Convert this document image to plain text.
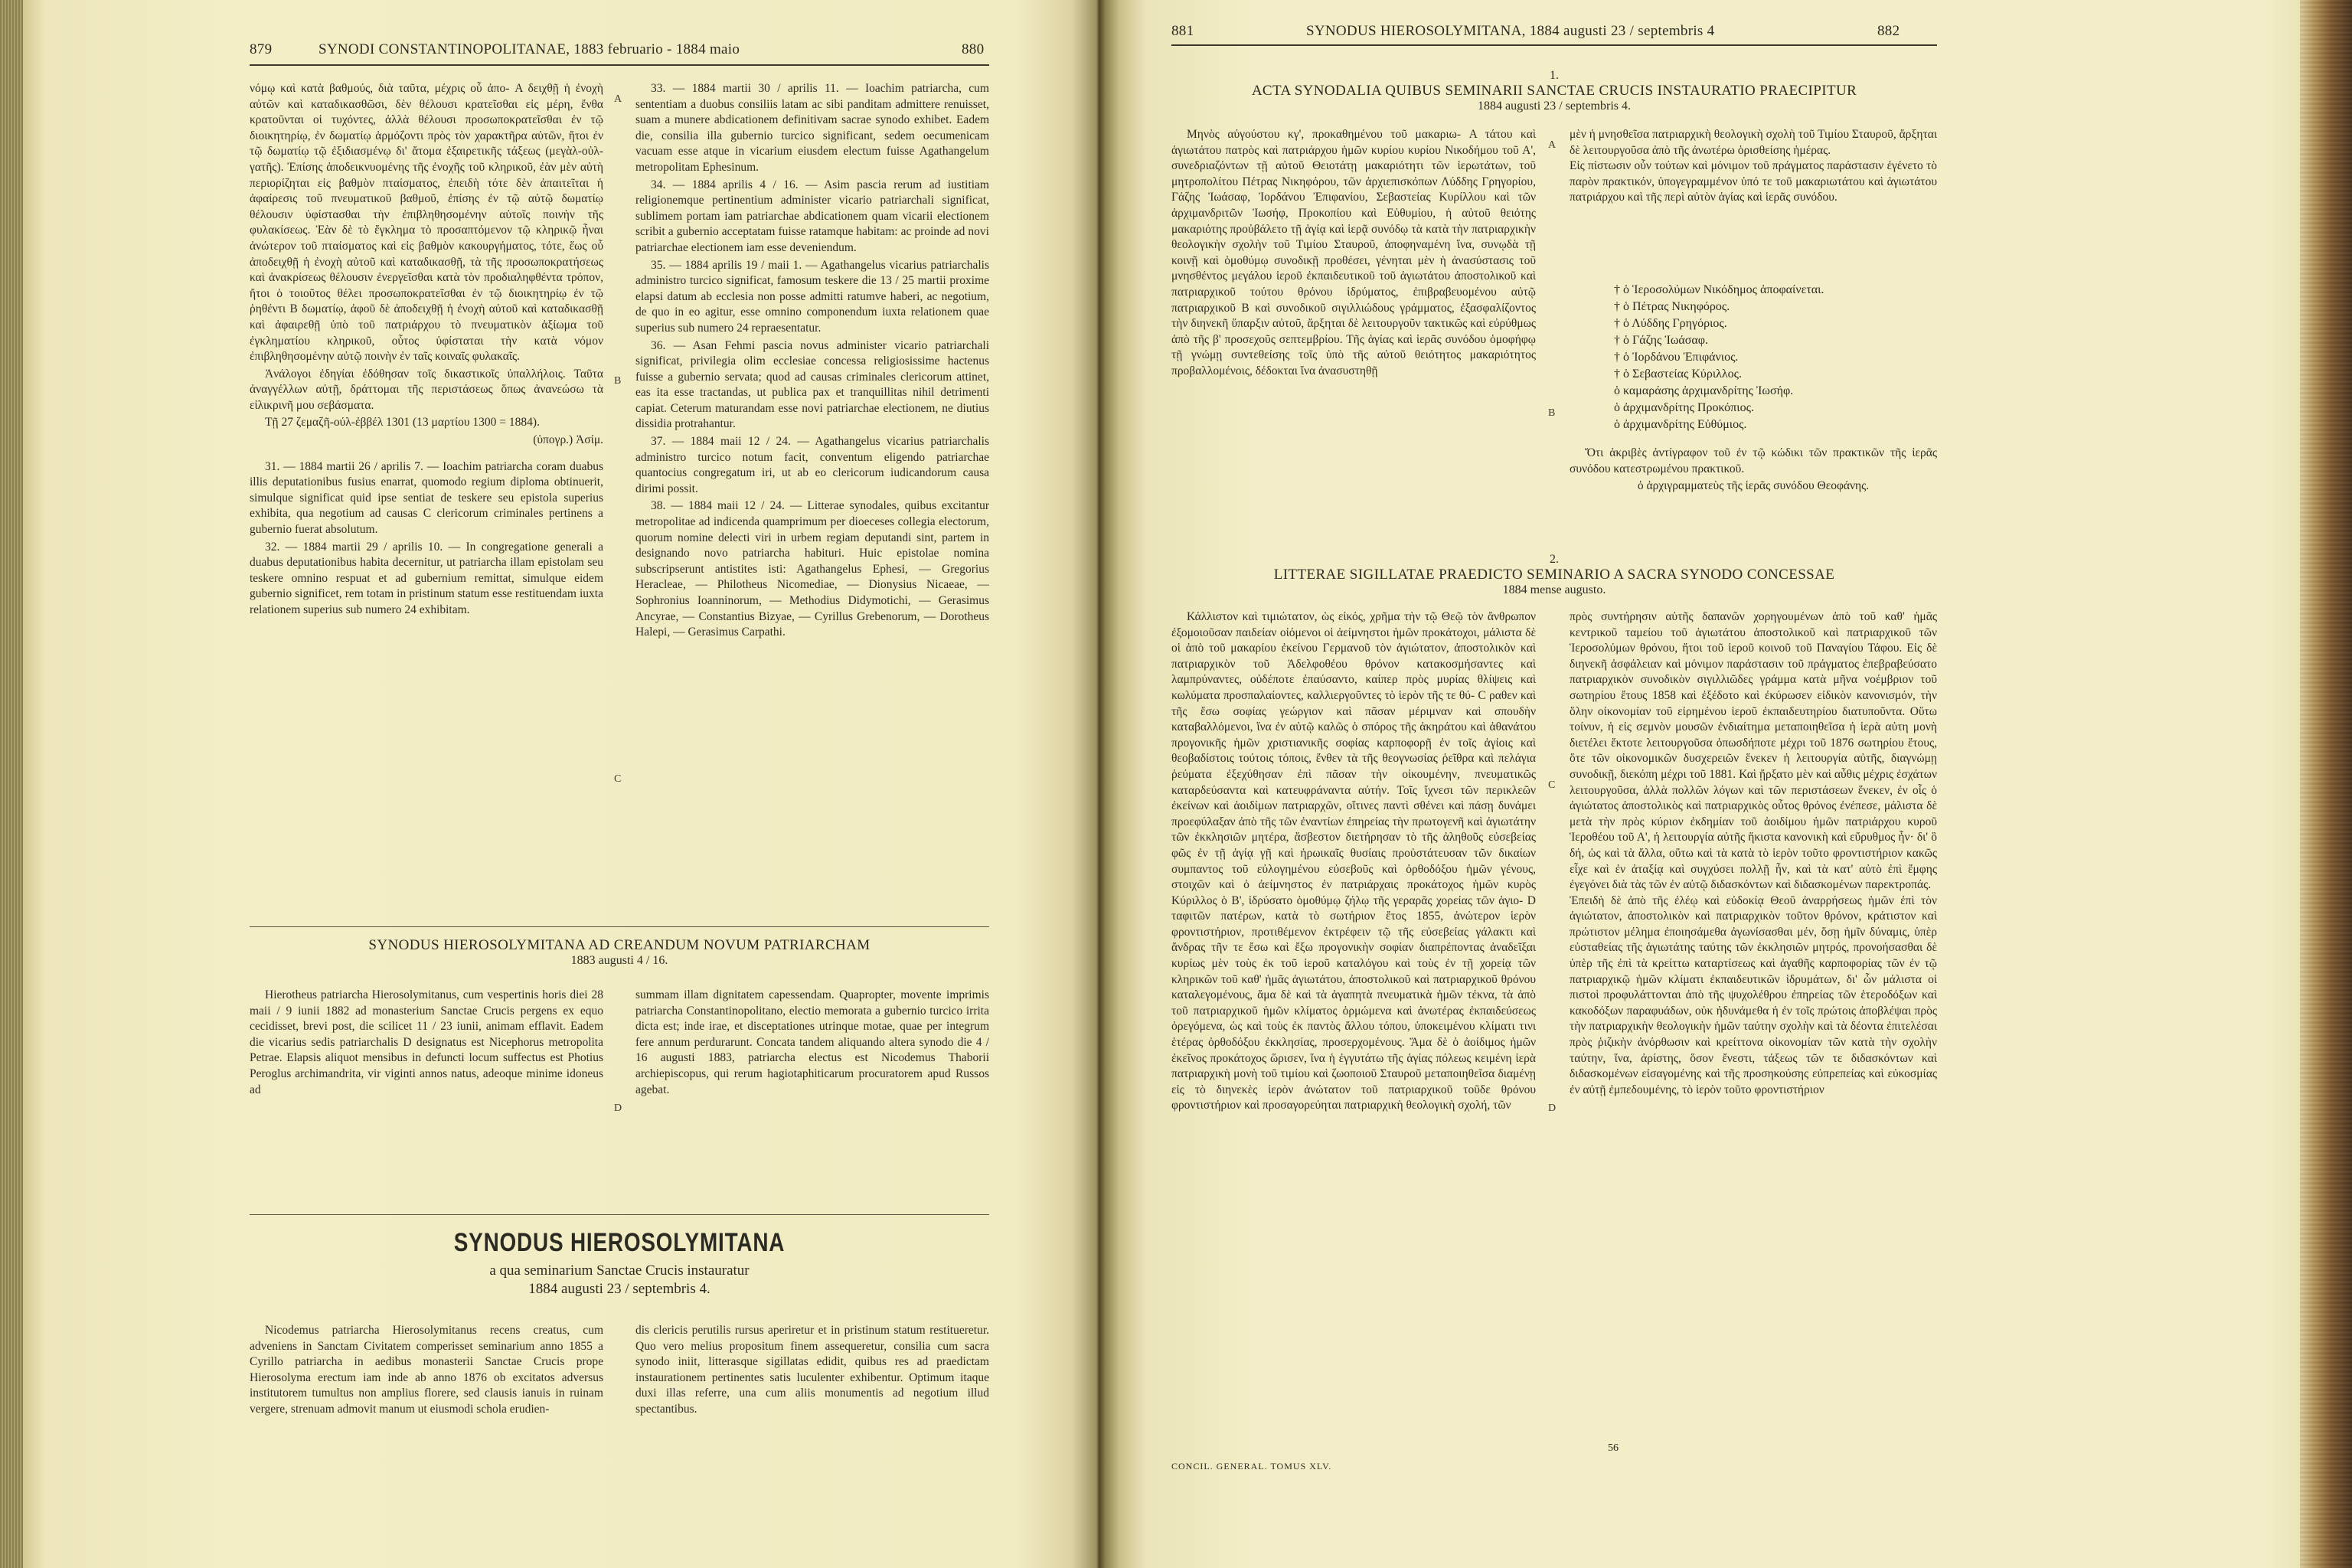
879	SYNODI CONSTANTINOPOLITANAE, 1883 februario - 1884 maio	880

νόμῳ καὶ κατὰ βαθμούς, διὰ ταῦτα, μέχρις οὗ ἀπο- A δειχθῇ ἡ ἐνοχὴ αὐτῶν καὶ καταδικασθῶσι, δὲν θέλουσι κρατεῖσθαι εἰς μέρη, ἔνθα κρατοῦνται οἱ τυχόντες, ἀλλὰ θέλουσι προσωποκρατεῖσθαι ἐν τῷ διοικητηρίῳ, ἐν δωματίῳ ἁρμόζοντι πρὸς τὸν χαρακτῆρα αὐτῶν, ἤτοι ἐν τῷ δωματίῳ τῷ ἐξιδιασμένῳ δι' ἄτομα ἐξαιρετικῆς τάξεως (μεγὰλ-οὐλ-γατῆς). Ἐπίσης ἀποδεικνυομένης τῆς ἐνοχῆς τοῦ κληρικοῦ, ἐὰν μὲν αὐτὴ περιορίζηται εἰς βαθμὸν πταίσματος, ἐπειδὴ τότε δὲν ἀπαιτεῖται ἡ ἀφαίρεσις τοῦ πνευματικοῦ βαθμοῦ, ἐπίσης ἐν τῷ αὐτῷ δωματίῳ θέλουσιν ὑφίστασθαι τὴν ἐπιβληθησομένην αὐτοῖς ποινὴν τῆς φυλακίσεως. Ἐὰν δὲ τὸ ἔγκλημα τὸ προσαπτόμενον τῷ κληρικῷ ἦναι ἀνώτερον τοῦ πταίσματος καὶ εἰς βαθμὸν κακουργήματος, τότε, ἕως οὗ ἀποδειχθῇ ἡ ἐνοχὴ αὐτοῦ καὶ καταδικασθῇ, τὰ τῆς προσωποκρατήσεως καὶ ἀνακρίσεως θέλουσιν ἐνεργεῖσθαι κατὰ τὸν προδιαληφθέντα τρόπον, ἤτοι ὁ τοιοῦτος θέλει προσωποκρατεῖσθαι ἐν τῷ διοικητηρίῳ ἐν τῷ ῥηθέντι B δωματίῳ, ἀφοῦ δὲ ἀποδειχθῇ ἡ ἐνοχὴ αὐτοῦ καὶ καταδικασθῇ καὶ ἀφαιρεθῇ ὑπὸ τοῦ πατριάρχου τὸ πνευματικὸν ἀξίωμα τοῦ ἐγκληματίου κληρικοῦ, οὗτος ὑφίσταται τὴν κατὰ νόμον ἐπιβληθησομένην αὐτῷ ποινὴν ἐν ταῖς κοιναῖς φυλακαῖς.

Ἀνάλογοι ἐδηγίαι ἐδόθησαν τοῖς δικαστικοῖς ὑπαλλήλοις. Ταῦτα ἀναγγέλλων αὐτῇ, δράττομαι τῆς περιστάσεως ὅπως ἀνανεώσω τὰ εἰλικρινῆ μου σεβάσματα.

Τῇ 27 ζεμαζῆ-ούλ-ἐββέλ 1301 (13 μαρτίου 1300 = 1884).

(ὑπογρ.) Ἀσίμ.

31. — 1884 martii 26 / aprilis 7. — Ioachim patriarcha coram duabus illis deputationibus fusius enarrat, quomodo regium diploma obtinuerit, simulque significat quid ipse sentiat de teskere seu epistola superius exhibita, qua negotium ad causas C clericorum criminales pertinens a gubernio fuerat absolutum.

32. — 1884 martii 29 / aprilis 10. — In congregatione generali a duabus deputationibus habita decernitur, ut patriarcha illam epistolam seu teskere omnino respuat et ad gubernium remittat, simulque eidem gubernio significet, rem totam in pristinum statum esse restituendam iuxta relationem superius sub numero 24 exhibitam.

33. — 1884 martii 30 / aprilis 11. — Ioachim patriarcha, cum sententiam a duobus consiliis latam ac sibi panditam admittere renuisset, suam a munere abdicationem definitivam sacrae synodo exhibet. Eadem die, consilia illa gubernio turcico significant, sedem oecumenicam vacuam esse atque in vicarium eiusdem electum fuisse Agathangelum metropolitam Ephesinum.

34. — 1884 aprilis 4 / 16. — Asim pascia rerum ad iustitiam religionemque pertinentium administer vicario patriarchali significat, sublimem portam iam patriarchae abdicationem quam vicarii electionem scribit a gubernio acceptatam fuisse ratamque habitam: ac proinde ad novi patriarchae electionem iam esse deveniendum.

35. — 1884 aprilis 19 / maii 1. — Agathangelus vicarius patriarchalis administro turcico significat, famosum teskere die 13 / 25 martii proxime elapsi datum ab ecclesia non posse admitti ratumve haberi, ac negotium, de quo in eo agitur, esse omnino componendum iuxta relationem quae superius sub numero 24 repraesentatur.

36. — Asan Fehmi pascia novus administer vicario patriarchali significat, privilegia olim ecclesiae concessa religiosissime hactenus fuisse a gubernio servata; quod ad causas criminales clericorum attinet, eas ita esse tractandas, ut publica pax et tranquillitas nihil detrimenti capiat. Ceterum maturandam esse novi patriarchae electionem, ne diutius dissidia protrahantur.

37. — 1884 maii 12 / 24. — Agathangelus vicarius patriarchalis administro turcico notum facit, conventum eligendo patriarchae quantocius congregatum iri, ut ab eo clericorum iudicandorum causa dirimi possit.

38. — 1884 maii 12 / 24. — Litterae synodales, quibus excitantur metropolitae ad indicenda quamprimum per dioeceses collegia electorum, quorum nomine delecti viri in urbem regiam deputandi sint, partem in designando novo patriarcha habituri. Huic epistolae nomina subscripserunt antistites isti: Agathangelus Ephesi, — Gregorius Heracleae, — Philotheus Nicomediae, — Dionysius Nicaeae, — Sophronius Ioanninorum, — Methodius Didymotichi, — Gerasimus Ancyrae, — Constantius Bizyae, — Cyrillus Grebenorum, — Dorotheus Halepi, — Gerasimus Carpathi.

A
B
C
D
SYNODUS HIEROSOLYMITANA AD CREANDUM NOVUM PATRIARCHAM
1883 augusti 4 / 16.

Hierotheus patriarcha Hierosolymitanus, cum vespertinis horis diei 28 maii / 9 iunii 1882 ad monasterium Sanctae Crucis pergens ex equo cecidisset, brevi post, die scilicet 11 / 23 iunii, animam efflavit. Eadem die vicarius sedis patriarchalis D designatus est Nicephorus metropolita Petrae. Elapsis aliquot mensibus in defuncti locum suffectus est Photius Peroglus archimandrita, vir viginti annos natus, adeoque minime idoneus ad

summam illam dignitatem capessendam. Quapropter, movente imprimis patriarcha Constantinopolitano, electio memorata a gubernio turcico irrita dicta est; inde irae, et disceptationes utrinque motae, quae per integrum fere annum perdurarunt. Concata tandem aliquando altera synodo die 4 / 16 augusti 1883, patriarcha electus est Nicodemus Thaborii archiepiscopus, qui rerum hagiotaphiticarum procuratorem apud Russos agebat.

SYNODUS HIEROSOLYMITANA
a qua seminarium Sanctae Crucis instauratur
1884 augusti 23 / septembris 4.

Nicodemus patriarcha Hierosolymitanus recens creatus, cum adveniens in Sanctam Civitatem comperisset seminarium anno 1855 a Cyrillo patriarcha in aedibus monasterii Sanctae Crucis prope Hierosolyma erectum iam inde ab anno 1876 ob excitatos adversus institutorem tumultus non amplius florere, sed clausis ianuis in ruinam vergere, strenuam admovit manum ut eiusmodi schola erudien-

dis clericis perutilis rursus aperiretur et in pristinum statum restitueretur. Quo vero melius propositum finem assequeretur, consilia cum sacra synodo iniit, litterasque sigillatas edidit, quibus res ad praedictam instaurationem pertinentes satis luculenter exhibentur. Optimum itaque duxi illas referre, una cum aliis monumentis ad negotium illud spectantibus.

881	SYNODUS HIEROSOLYMITANA, 1884 augusti 23 / septembris 4	882
1.
ACTA SYNODALIA QUIBUS SEMINARII SANCTAE CRUCIS INSTAURATIO PRAECIPITUR
1884 augusti 23 / septembris 4.

Μηνὸς αὐγούστου κγ', προκαθημένου τοῦ μακαριω- A τάτου καὶ ἁγιωτάτου πατρὸς καὶ πατριάρχου ἡμῶν κυρίου κυρίου Νικοδήμου τοῦ Α', συνεδριαζόντων τῇ αὐτοῦ Θειοτάτῃ μακαριότητι τῶν ἱερωτάτων, τοῦ μητροπολίτου Πέτρας Νικηφόρου, τῶν ἀρχιεπισκόπων Λύδδης Γρηγορίου, Γάζης Ἰωάσαφ, Ἰορδάνου Ἐπιφανίου, Σεβαστείας Κυρίλλου καὶ τῶν ἀρχιμανδριτῶν Ἰωσήφ, Προκοπίου καὶ Εὐθυμίου, ἡ αὐτοῦ θειότης μακαριότης προὐβάλετο τῇ ἁγίᾳ καὶ ἱερᾷ συνόδῳ τὰ κατὰ τὴν πατριαρχικὴν θεολογικὴν σχολὴν τοῦ Τιμίου Σταυροῦ, ἀποφηναμένη ἵνα, συνῳδὰ τῇ κοινῇ καὶ ὁμοθύμῳ συνοδικῇ προθέσει, γένηται μὲν ἡ ἀνασύστασις τοῦ μνησθέντος μεγάλου ἱεροῦ ἐκπαιδευτικοῦ τοῦ ἁγιωτάτου ἀποστολικοῦ καὶ πατριαρχικοῦ τούτου θρόνου ἱδρύματος, ἐπιβραβευομένου αὐτῷ πατριαρχικοῦ B καὶ συνοδικοῦ σιγιλλιώδους γράμματος, ἐξασφαλίζοντος τὴν διηνεκῆ ὕπαρξιν αὐτοῦ, ἄρξηται δὲ λειτουργοῦν τακτικῶς καὶ εὐρύθμως ἀπὸ τῆς β' προσεχοῦς σεπτεμβρίου. Τῆς ἁγίας καὶ ἱερᾶς συνόδου ὁμοφήφῳ τῇ γνώμῃ συντεθείσης τοῖς ὑπὸ τῆς αὐτοῦ θειότητος μακαριότητος προβαλλομένοις, δέδοκται ἵνα ἀνασυστηθῇ

μὲν ἡ μνησθεῖσα πατριαρχικὴ θεολογικὴ σχολὴ τοῦ Τιμίου Σταυροῦ, ἄρξηται δὲ λειτουργοῦσα ἀπὸ τῆς ἀνωτέρω ὁρισθείσης ἡμέρας.
Εἰς πίστωσιν οὖν τούτων καὶ μόνιμον τοῦ πράγματος παράστασιν ἐγένετο τὸ παρὸν πρακτικόν, ὑπογεγραμμένον ὑπό τε τοῦ μακαριωτάτου καὶ ἁγιωτάτου πατριάρχου καὶ τῆς περὶ αὐτὸν ἁγίας καὶ ἱερᾶς συνόδου.

† ὁ Ἱεροσολύμων Νικόδημος ἀποφαίνεται.
† ὁ Πέτρας Νικηφόρος.
† ὁ Λύδδης Γρηγόριος.
† ὁ Γάζης Ἰωάσαφ.
† ὁ Ἰορδάνου Ἐπιφάνιος.
† ὁ Σεβαστείας Κύριλλος.
ὁ καμαράσης ἀρχιμανδρίτης Ἰωσήφ.
ὁ ἀρχιμανδρίτης Προκόπιος.
ὁ ἀρχιμανδρίτης Εὐθύμιος.

Ὅτι ἀκριβὲς ἀντίγραφον τοῦ ἐν τῷ κώδικι τῶν πρακτικῶν τῆς ἱερᾶς συνόδου κατεστρωμένου πρακτικοῦ.

ὁ ἀρχιγραμματεὺς τῆς ἱερᾶς συνόδου Θεοφάνης.

A
B
2.
LITTERAE SIGILLATAE PRAEDICTO SEMINARIO A SACRA SYNODO CONCESSAE
1884 mense augusto.

Κάλλιστον καὶ τιμιώτατον, ὡς εἰκός, χρῆμα τὴν τῷ Θεῷ τὸν ἄνθρωπον ἐξομοιοῦσαν παιδείαν οἰόμενοι οἱ ἀείμνηστοι ἡμῶν προκάτοχοι, μάλιστα δὲ οἱ ἀπὸ τοῦ μακαρίου ἐκείνου Γερμανοῦ τὸν ἁγιώτατον, ἀποστολικὸν καὶ πατριαρχικὸν τοῦ Ἀδελφοθέου θρόνον κατακοσμήσαντες καὶ λαμπρύναντες, οὐδέποτε ἐπαύσαντο, καίπερ πρὸς μυρίας θλίψεις καὶ κωλύματα προσπαλαίοντες, καλλιεργοῦντες τὸ ἱερὸν τῆς τε θύ- C ραθεν καὶ τῆς ἔσω σοφίας γεώργιον καὶ πᾶσαν μέριμναν καὶ σπουδὴν καταβαλλόμενοι, ἵνα ἐν αὐτῷ καλῶς ὁ σπόρος τῆς ἀκηράτου καὶ ἀθανάτου προγονικῆς ἡμῶν χριστιανικῆς σοφίας καρποφορῇ ἐν τοῖς ἁγίοις καὶ θεοβαδίστοις τούτοις τόποις, ἔνθεν τὰ τῆς θεογνωσίας ῥεῖθρα καὶ πελάγια ῥεύματα ἐξεχύθησαν ἐπὶ πᾶσαν τὴν οἰκουμένην, πνευματικῶς καταρδεύσαντα καὶ κατευφράναντα αὐτήν. Τοῖς ἴχνεσι τῶν περικλεῶν ἐκείνων καὶ ἀοιδίμων πατριαρχῶν, οἵτινες παντὶ σθένει καὶ πάσῃ δυνάμει προεφύλαξαν ἀπὸ τῆς τῶν ἐναντίων ἐπηρείας τὴν πρωτογενῆ καὶ ἁγιωτάτην τῶν ἐκκλησιῶν μητέρα, ἄσβεστον διετήρησαν τὸ τῆς ἀληθοῦς εὐσεβείας φῶς ἐν τῇ ἁγίᾳ γῇ καὶ ἡρωικαῖς θυσίαις προὐστάτευσαν τῶν δικαίων συμπαντος τοῦ εὐλογημένου εὐσεβοῦς καὶ ὀρθοδόξου ἡμῶν γένους, στοιχῶν καὶ ὁ ἀείμνηστος ἐν πατριάρχαις προκάτοχος ἡμῶν κυρὸς Κύριλλος ὁ Β', ἱδρύσατο ὁμοθύμῳ ζήλῳ τῆς γεραρᾶς χορείας τῶν ἁγιο- D ταφιτῶν πατέρων, κατὰ τὸ σωτήριον ἔτος 1855, ἀνώτερον ἱερὸν φροντιστήριον, προτιθέμενον ἐκτρέφειν τῷ τῆς εὐσεβείας γάλακτι καὶ ἄνδρας τῆν τε ἔσω καὶ ἔξω προγονικὴν σοφίαν διαπρέποντας ἀναδεῖξαι κυρίως μὲν τοὺς ἐκ τοῦ ἱεροῦ καταλόγου καὶ τοὺς ἐν τῇ χορείᾳ τῶν κληρικῶν τοῦ καθ' ἡμᾶς ἁγιωτάτου, ἀποστολικοῦ καὶ πατριαρχικοῦ θρόνου καταλεγομένους, ἅμα δὲ καὶ τὰ ἀγαπητὰ πνευματικὰ ἡμῶν τέκνα, τὰ ἀπὸ τοῦ πατριαρχικοῦ ἡμῶν κλίματος ὁρμώμενα καὶ ἀνωτέρας ἐκπαιδεύσεως ὀρεγόμενα, ὡς καὶ τοὺς ἐκ παντὸς ἄλλου τόπου, ὑποκειμένου κλίματι τινι ἑτέρας ὀρθοδόξου ἐκκλησίας, προσερχομένους. Ἅμα δὲ ὁ ἀοίδιμος ἡμῶν ἐκεῖνος προκάτοχος ὥρισεν, ἵνα ἡ ἐγγυτάτω τῆς ἁγίας πόλεως κειμένη ἱερὰ πατριαρχικὴ μονὴ τοῦ τιμίου καὶ ζωοποιοῦ Σταυροῦ μεταποιηθεῖσα διαμένῃ εἰς τὸ διηνεκὲς ἱερὸν ἀνώτατον τοῦ πατριαρχικοῦ τοῦδε θρόνου φροντιστήριον καὶ προσαγορεύηται πατριαρχικὴ θεολογικὴ σχολή, τῶν

πρὸς συντήρησιν αὐτῆς δαπανῶν χορηγουμένων ἀπὸ τοῦ καθ' ἡμᾶς κεντρικοῦ ταμείου τοῦ ἁγιωτάτου ἀποστολικοῦ καὶ πατριαρχικοῦ τῶν Ἱεροσολύμων θρόνου, ἤτοι τοῦ ἱεροῦ κοινοῦ τοῦ Παναγίου Τάφου. Εἰς δὲ διηνεκῆ ἀσφάλειαν καὶ μόνιμον παράστασιν τοῦ πράγματος ἐπεβραβεύσατο πατριαρχικὸν συνοδικὸν σιγιλλιῶδες γράμμα κατὰ μῆνα νοέμβριον τοῦ σωτηρίου ἔτους 1858 καὶ ἐξέδοτο καὶ ἐκύρωσεν εἰδικὸν κανονισμόν, τὴν ὅλην οἰκονομίαν τοῦ εἰρημένου ἱεροῦ ἐκπαιδευτηρίου διατυποῦντα. Οὕτω τοίνυν, ἡ εἰς σεμνὸν μουσῶν ἐνδιαίτημα μεταποιηθεῖσα ἡ ἱερὰ αὐτη μονὴ διετέλει ἔκτοτε λειτουργοῦσα ὁπωσδήποτε μέχρι τοῦ 1876 σωτηρίου ἔτους, ὅτε τῶν οἰκονομικῶν δυσχερειῶν ἕνεκεν ἡ λειτουργία αὐτῆς, διαγνώμῃ συνοδικῇ, διεκόπη μέχρι τοῦ 1881. Καὶ ᾔρξατο μὲν καὶ αὖθις μέχρις ἐσχάτων λειτουργοῦσα, ἀλλὰ πολλῶν λόγων καὶ τῶν περιστάσεων ἕνεκεν, ἐν οἷς ὁ ἁγιώτατος ἀποστολικὸς καὶ πατριαρχικὸς οὗτος θρόνος ἐνέπεσε, μάλιστα δὲ μετὰ τὴν πρὸς κύριον ἐκδημίαν τοῦ ἀοιδίμου ἡμῶν πατριάρχου κυροῦ Ἱεροθέου τοῦ Α', ἡ λειτουργία αὐτῆς ἥκιστα κανονικὴ καὶ εὔρυθμος ἦν· δι' ὃ δή, ὡς καὶ τὰ ἄλλα, οὕτω καὶ τὰ κατὰ τὸ ἱερὸν τοῦτο φροντιστήριον κακῶς εἶχε καὶ ἐν ἀταξίᾳ καὶ συγχύσει πολλῇ ἦν, καὶ τὰ κατ' αὐτὸ ἐπὶ ἔμφης ἐγεγόνει διὰ τὰς τῶν ἐν αὐτῷ διδασκόντων καὶ διδασκομένων παρεκτροπάς.
Ἐπειδὴ δὲ ἀπὸ τῆς ἐλέῳ καὶ εὐδοκίᾳ Θεοῦ ἀναρρήσεως ἡμῶν ἐπὶ τὸν ἁγιώτατον, ἀποστολικὸν καὶ πατριαρχικὸν τοῦτον θρόνον, κράτιστον καὶ πρώτιστον μέλημα ἐποιησάμεθα ἀγωνίσασθαι μέν, ὅσῃ ἡμῖν δύναμις, ὑπὲρ εὐσταθείας τῆς ἁγιωτάτης ταύτης τῶν ἐκκλησιῶν μητρός, προνοήσασθαι δὲ ὑπὲρ τῆς ἐπὶ τὰ κρείττω καταρτίσεως καὶ ἀγαθῆς καρποφορίας τῶν ἐν τῷ πατριαρχικῷ ἡμῶν κλίματι ἐκπαιδευτικῶν ἱδρυμάτων, δι' ὧν μάλιστα οἱ πιστοὶ προφυλάττονται ἀπὸ τῆς ψυχολέθρου ἐπηρείας τῶν ἑτεροδόξων καὶ κακοδόξων παραφυάδων, οὐκ ἠδυνάμεθα ἡ ἐν τοῖς πρώτοις ἀποβλέψαι πρὸς τὴν πατριαρχικὴν θεολογικὴν ἡμῶν ταύτην σχολὴν καὶ τὰ δέοντα ἐπιτελέσαι πρὸς ῥιζικὴν ἀνόρθωσιν καὶ κρείττονα οἰκονομίαν τῶν κατὰ τὴν σχολὴν ταύτην, ἵνα, ἀρίστης, ὅσον ἔνεστι, τάξεως τῶν τε διδασκόντων καὶ διδασκομένων εἰσαγομένης καὶ τῆς προσηκούσης εὐπρεπείας καὶ εὐκοσμίας ἐν αὐτῇ ἐμπεδουμένης, τὸ ἱερὸν τοῦτο φροντιστήριον

C
D
CONCIL. GENERAL. TOMUS XLV.
56
